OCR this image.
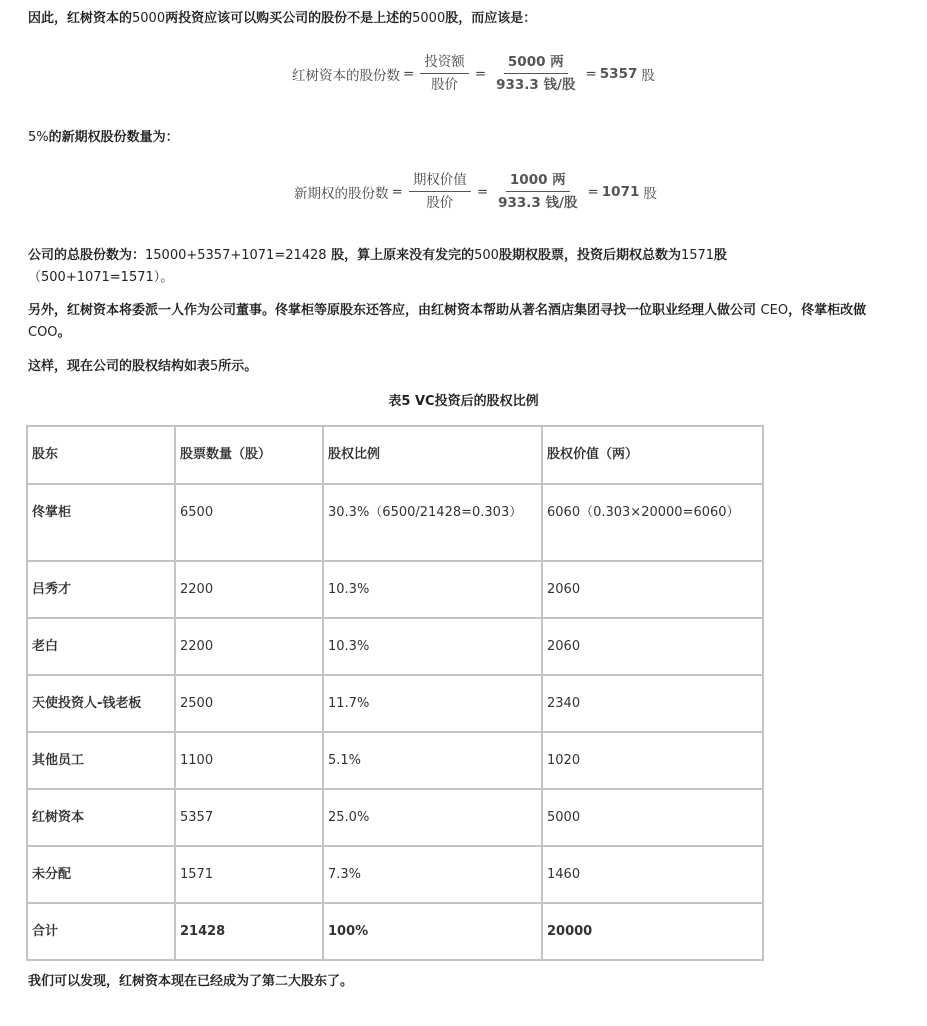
因此，红树资本的5000两投资应该可以购买公司的股份不是上述的5000股，而应该是：

红树资本的股份数 = $\frac{\text{投资额}}{\text{股价}} = \frac{\text{5000 两}}{\text{933.3 钱/股}} = 5357$ 股

5%的新期权股份数量为：

新期权的股份数 = $\frac{\text{期权价值}}{\text{股价}} = \frac{\text{1000 两}}{\text{933.3 钱/股}} = 1071$ 股

公司的总股份数为：15000+5357+1071=21428 股，算上原来没有发完的500股期权股票，投资后期权总数为1571股
（500+1071=1571）。

另外，红树资本将委派一人作为公司董事。佟掌柜等原股东还答应，由红树资本帮助从著名酒店集团寻找一位职业经理人做公司 CEO，佟掌柜改做 COO。

这样，现在公司的股权结构如表5所示。

表5 VC投资后的股权比例
股东	股票数量（股）	股权比例	股权价值（两）
佟掌柜	6500	30.3%（6500/21428=0.303）	6060（0.303×20000=6060）
吕秀才	2200	10.3%	2060
老白	2200	10.3%	2060
天使投资人-钱老板	2500	11.7%	2340
其他员工	1100	5.1%	1020
红树资本	5357	25.0%	5000
未分配	1571	7.3%	1460
合计	21428	100%	20000

我们可以发现，红树资本现在已经成为了第二大股东了。
